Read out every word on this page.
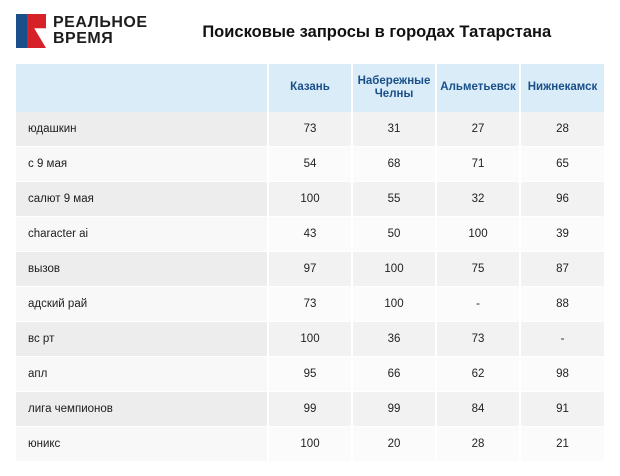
РЕАЛЬНОЕ
ВРЕМЯ	Поисковые запросы в городах Татарстана
	Казань	Набережные Челны	Альметьевск	Нижнекамск
юдашкин	73	31	27	28
с 9 мая	54	68	71	65
салют 9 мая	100	55	32	96
character ai	43	50	100	39
вызов	97	100	75	87
адский рай	73	100	-	88
вс рт	100	36	73	-
апл	95	66	62	98
лига чемпионов	99	99	84	91
юникс	100	20	28	21
